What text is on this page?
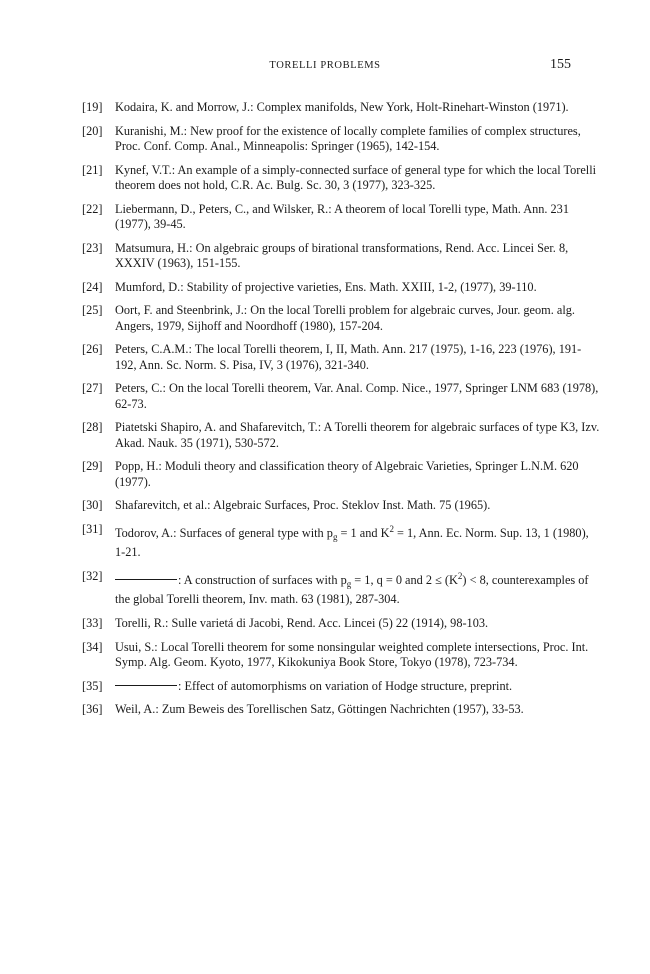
TORELLI PROBLEMS	155
[19] Kodaira, K. and Morrow, J.: Complex manifolds, New York, Holt-Rinehart-Winston (1971).
[20] Kuranishi, M.: New proof for the existence of locally complete families of complex structures, Proc. Conf. Comp. Anal., Minneapolis: Springer (1965), 142-154.
[21] Kynef, V.T.: An example of a simply-connected surface of general type for which the local Torelli theorem does not hold, C.R. Ac. Bulg. Sc. 30, 3 (1977), 323-325.
[22] Liebermann, D., Peters, C., and Wilsker, R.: A theorem of local Torelli type, Math. Ann. 231 (1977), 39-45.
[23] Matsumura, H.: On algebraic groups of birational transformations, Rend. Acc. Lincei Ser. 8, XXXIV (1963), 151-155.
[24] Mumford, D.: Stability of projective varieties, Ens. Math. XXIII, 1-2, (1977), 39-110.
[25] Oort, F. and Steenbrink, J.: On the local Torelli problem for algebraic curves, Jour. geom. alg. Angers, 1979, Sijhoff and Noordhoff (1980), 157-204.
[26] Peters, C.A.M.: The local Torelli theorem, I, II, Math. Ann. 217 (1975), 1-16, 223 (1976), 191-192, Ann. Sc. Norm. S. Pisa, IV, 3 (1976), 321-340.
[27] Peters, C.: On the local Torelli theorem, Var. Anal. Comp. Nice., 1977, Springer LNM 683 (1978), 62-73.
[28] Piatetski Shapiro, A. and Shafarevitch, T.: A Torelli theorem for algebraic surfaces of type K3, Izv. Akad. Nauk. 35 (1971), 530-572.
[29] Popp, H.: Moduli theory and classification theory of Algebraic Varieties, Springer L.N.M. 620 (1977).
[30] Shafarevitch, et al.: Algebraic Surfaces, Proc. Steklov Inst. Math. 75 (1965).
[31] Todorov, A.: Surfaces of general type with $p_g = 1$ and $K^2 = 1$, Ann. Ec. Norm. Sup. 13, 1 (1980), 1-21.
[32]	: A construction of surfaces with $p_g = 1$, q = 0 and $2 \le (K^2) < 8$, counterexamples of the global Torelli theorem, Inv. math. 63 (1981), 287-304.
[33] Torelli, R.: Sulle varietá di Jacobi, Rend. Acc. Lincei (5) 22 (1914), 98-103.
[34] Usui, S.: Local Torelli theorem for some nonsingular weighted complete intersections, Proc. Int. Symp. Alg. Geom. Kyoto, 1977, Kikokuniya Book Store, Tokyo (1978), 723-734.
[35]	: Effect of automorphisms on variation of Hodge structure, preprint.
[36] Weil, A.: Zum Beweis des Torellischen Satz, Göttingen Nachrichten (1957), 33-53.
